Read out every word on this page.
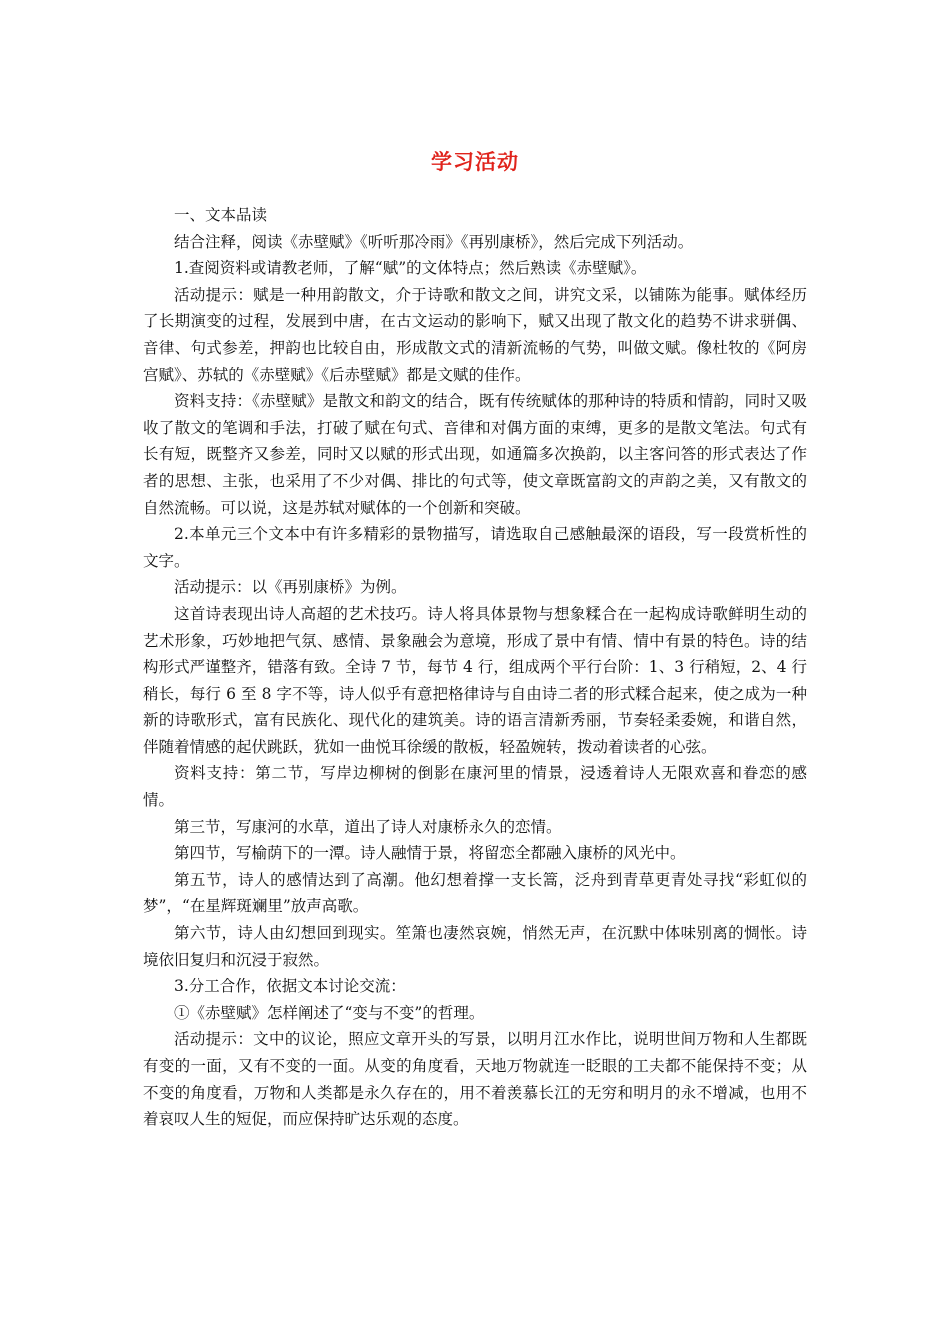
学习活动

一、文本品读

结合注释，阅读《赤壁赋》《听听那冷雨》《再别康桥》，然后完成下列活动。

1.查阅资料或请教老师，了解“赋”的文体特点；然后熟读《赤壁赋》。

活动提示：赋是一种用韵散文，介于诗歌和散文之间，讲究文采，以铺陈为能事。赋体经历了长期演变的过程，发展到中唐，在古文运动的影响下，赋又出现了散文化的趋势不讲求骈偶、音律、句式参差，押韵也比较自由，形成散文式的清新流畅的气势，叫做文赋。像杜牧的《阿房宫赋》、苏轼的《赤壁赋》《后赤壁赋》都是文赋的佳作。

资料支持：《赤壁赋》是散文和韵文的结合，既有传统赋体的那种诗的特质和情韵，同时又吸收了散文的笔调和手法，打破了赋在句式、音律和对偶方面的束缚，更多的是散文笔法。句式有长有短，既整齐又参差，同时又以赋的形式出现，如通篇多次换韵，以主客问答的形式表达了作者的思想、主张，也采用了不少对偶、排比的句式等，使文章既富韵文的声韵之美，又有散文的自然流畅。可以说，这是苏轼对赋体的一个创新和突破。

2.本单元三个文本中有许多精彩的景物描写，请选取自己感触最深的语段，写一段赏析性的文字。

活动提示：以《再别康桥》为例。

这首诗表现出诗人高超的艺术技巧。诗人将具体景物与想象糅合在一起构成诗歌鲜明生动的艺术形象，巧妙地把气氛、感情、景象融会为意境，形成了景中有情、情中有景的特色。诗的结构形式严谨整齐，错落有致。全诗 7 节，每节 4 行，组成两个平行台阶：1、3 行稍短，2、4 行稍长，每行 6 至 8 字不等，诗人似乎有意把格律诗与自由诗二者的形式糅合起来，使之成为一种新的诗歌形式，富有民族化、现代化的建筑美。诗的语言清新秀丽，节奏轻柔委婉，和谐自然，伴随着情感的起伏跳跃，犹如一曲悦耳徐缓的散板，轻盈婉转，拨动着读者的心弦。

资料支持：第二节，写岸边柳树的倒影在康河里的情景，浸透着诗人无限欢喜和眷恋的感情。

第三节，写康河的水草，道出了诗人对康桥永久的恋情。

第四节，写榆荫下的一潭。诗人融情于景，将留恋全都融入康桥的风光中。

第五节，诗人的感情达到了高潮。他幻想着撑一支长篙，泛舟到青草更青处寻找“彩虹似的梦”，“在星辉斑斓里”放声高歌。

第六节，诗人由幻想回到现实。笙箫也凄然哀婉，悄然无声，在沉默中体味别离的惆怅。诗境依旧复归和沉浸于寂然。

3.分工合作，依据文本讨论交流：

①《赤壁赋》怎样阐述了“变与不变”的哲理。

活动提示：文中的议论，照应文章开头的写景，以明月江水作比，说明世间万物和人生都既有变的一面，又有不变的一面。从变的角度看，天地万物就连一眨眼的工夫都不能保持不变；从不变的角度看，万物和人类都是永久存在的，用不着羡慕长江的无穷和明月的永不增减，也用不着哀叹人生的短促，而应保持旷达乐观的态度。
